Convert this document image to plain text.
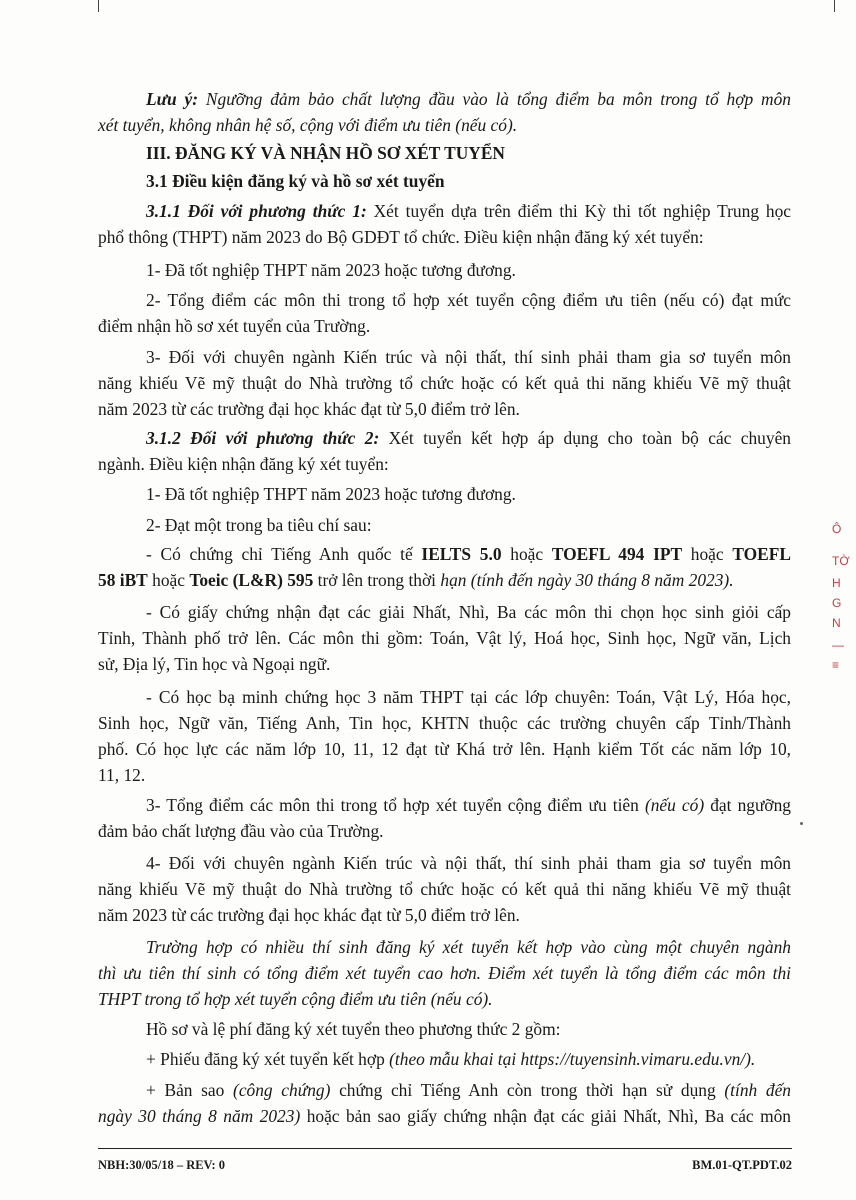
Lưu ý: Ngưỡng đảm bảo chất lượng đầu vào là tổng điểm ba môn trong tổ hợp môn
xét tuyển, không nhân hệ số, cộng với điểm ưu tiên (nếu có).
III. ĐĂNG KÝ VÀ NHẬN HỒ SƠ XÉT TUYỂN
3.1 Điều kiện đăng ký và hồ sơ xét tuyển
3.1.1 Đối với phương thức 1: Xét tuyển dựa trên điểm thi Kỳ thi tốt nghiệp Trung học
phổ thông (THPT) năm 2023 do Bộ GDĐT tổ chức. Điều kiện nhận đăng ký xét tuyển:
1- Đã tốt nghiệp THPT năm 2023 hoặc tương đương.
2- Tổng điểm các môn thi trong tổ hợp xét tuyển cộng điểm ưu tiên (nếu có) đạt mức
điểm nhận hồ sơ xét tuyển của Trường.
3- Đối với chuyên ngành Kiến trúc và nội thất, thí sinh phải tham gia sơ tuyển môn
năng khiếu Vẽ mỹ thuật do Nhà trường tổ chức hoặc có kết quả thi năng khiếu Vẽ mỹ thuật
năm 2023 từ các trường đại học khác đạt từ 5,0 điểm trở lên.
3.1.2 Đối với phương thức 2: Xét tuyển kết hợp áp dụng cho toàn bộ các chuyên
ngành. Điều kiện nhận đăng ký xét tuyển:
1- Đã tốt nghiệp THPT năm 2023 hoặc tương đương.
2- Đạt một trong ba tiêu chí sau:
- Có chứng chỉ Tiếng Anh quốc tế IELTS 5.0 hoặc TOEFL 494 IPT hoặc TOEFL
58 iBT hoặc Toeic (L&R) 595 trở lên trong thời hạn (tính đến ngày 30 tháng 8 năm 2023).
- Có giấy chứng nhận đạt các giải Nhất, Nhì, Ba các môn thi chọn học sinh giỏi cấp
Tỉnh, Thành phố trở lên. Các môn thi gồm: Toán, Vật lý, Hoá học, Sinh học, Ngữ văn, Lịch
sử, Địa lý, Tin học và Ngoại ngữ.
- Có học bạ minh chứng học 3 năm THPT tại các lớp chuyên: Toán, Vật Lý, Hóa học,
Sinh học, Ngữ văn, Tiếng Anh, Tin học, KHTN thuộc các trường chuyên cấp Tỉnh/Thành
phố. Có học lực các năm lớp 10, 11, 12 đạt từ Khá trở lên. Hạnh kiểm Tốt các năm lớp 10,
11, 12.
3- Tổng điểm các môn thi trong tổ hợp xét tuyển cộng điểm ưu tiên (nếu có) đạt ngưỡng
đảm bảo chất lượng đầu vào của Trường.
4- Đối với chuyên ngành Kiến trúc và nội thất, thí sinh phải tham gia sơ tuyển môn
năng khiếu Vẽ mỹ thuật do Nhà trường tổ chức hoặc có kết quả thi năng khiếu Vẽ mỹ thuật
năm 2023 từ các trường đại học khác đạt từ 5,0 điểm trở lên.
Trường hợp có nhiều thí sinh đăng ký xét tuyển kết hợp vào cùng một chuyên ngành
thì ưu tiên thí sinh có tổng điểm xét tuyển cao hơn. Điểm xét tuyển là tổng điểm các môn thi
THPT trong tổ hợp xét tuyển cộng điểm ưu tiên (nếu có).
Hồ sơ và lệ phí đăng ký xét tuyển theo phương thức 2 gồm:
+ Phiếu đăng ký xét tuyển kết hợp (theo mẫu khai tại https://tuyensinh.vimaru.edu.vn/).
+ Bản sao (công chứng) chứng chỉ Tiếng Anh còn trong thời hạn sử dụng (tính đến
ngày 30 tháng 8 năm 2023) hoặc bản sao giấy chứng nhận đạt các giải Nhất, Nhì, Ba các môn
Ô
TỜ
H
G
N
—
≡
NBH:30/05/18 – REV: 0	BM.01-QT.PDT.02
